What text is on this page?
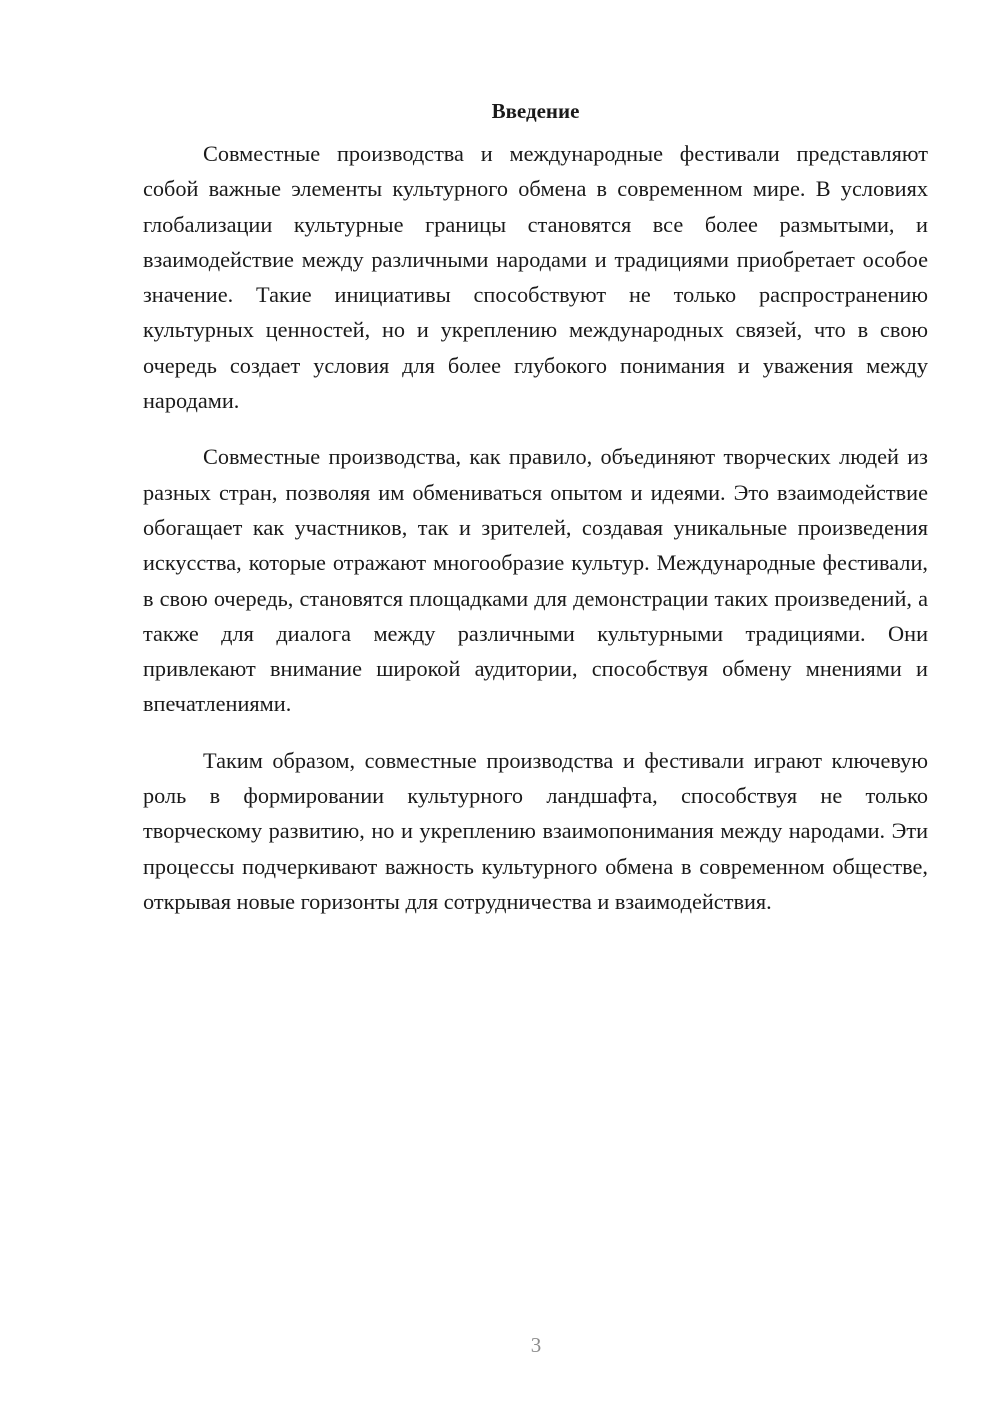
Введение

Совместные производства и международные фестивали представляют собой важные элементы культурного обмена в современном мире. В условиях глобализации культурные границы становятся все более размытыми, и взаимодействие между различными народами и традициями приобретает особое значение. Такие инициативы способствуют не только распространению культурных ценностей, но и укреплению международных связей, что в свою очередь создает условия для более глубокого понимания и уважения между народами.

Совместные производства, как правило, объединяют творческих людей из разных стран, позволяя им обмениваться опытом и идеями. Это взаимодействие обогащает как участников, так и зрителей, создавая уникальные произведения искусства, которые отражают многообразие культур. Международные фестивали, в свою очередь, становятся площадками для демонстрации таких произведений, а также для диалога между различными культурными традициями. Они привлекают внимание широкой аудитории, способствуя обмену мнениями и впечатлениями.

Таким образом, совместные производства и фестивали играют ключевую роль в формировании культурного ландшафта, способствуя не только творческому развитию, но и укреплению взаимопонимания между народами. Эти процессы подчеркивают важность культурного обмена в современном обществе, открывая новые горизонты для сотрудничества и взаимодействия.

3
